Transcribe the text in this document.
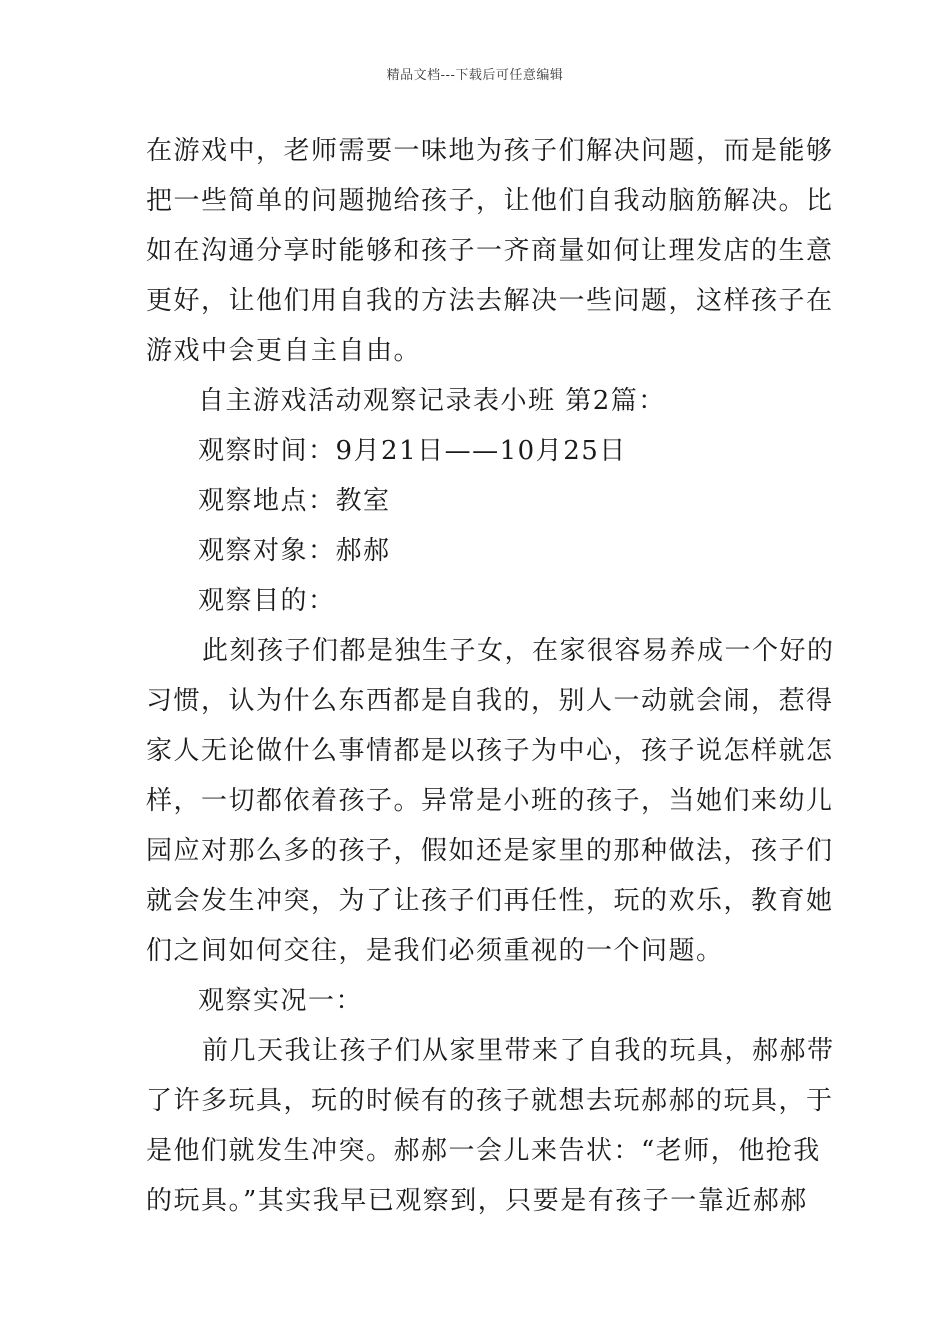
精品文档---下载后可任意编辑

在游戏中，老师需要一味地为孩子们解决问题，而是能够

把一些简单的问题抛给孩子，让他们自我动脑筋解决。比

如在沟通分享时能够和孩子一齐商量如何让理发店的生意

更好，让他们用自我的方法去解决一些问题，这样孩子在

游戏中会更自主自由。

自主游戏活动观察记录表小班 第2篇：

观察时间：9月21日——10月25日

观察地点：教室

观察对象：郝郝

观察目的：

此刻孩子们都是独生子女，在家很容易养成一个好的

习惯，认为什么东西都是自我的，别人一动就会闹，惹得

家人无论做什么事情都是以孩子为中心，孩子说怎样就怎

样，一切都依着孩子。异常是小班的孩子，当她们来幼儿

园应对那么多的孩子，假如还是家里的那种做法，孩子们

就会发生冲突，为了让孩子们再任性，玩的欢乐，教育她

们之间如何交往，是我们必须重视的一个问题。

观察实况一：

前几天我让孩子们从家里带来了自我的玩具，郝郝带

了许多玩具，玩的时候有的孩子就想去玩郝郝的玩具，于

是他们就发生冲突。郝郝一会儿来告状：“老师，他抢我

的玩具。”其实我早已观察到，只要是有孩子一靠近郝郝
